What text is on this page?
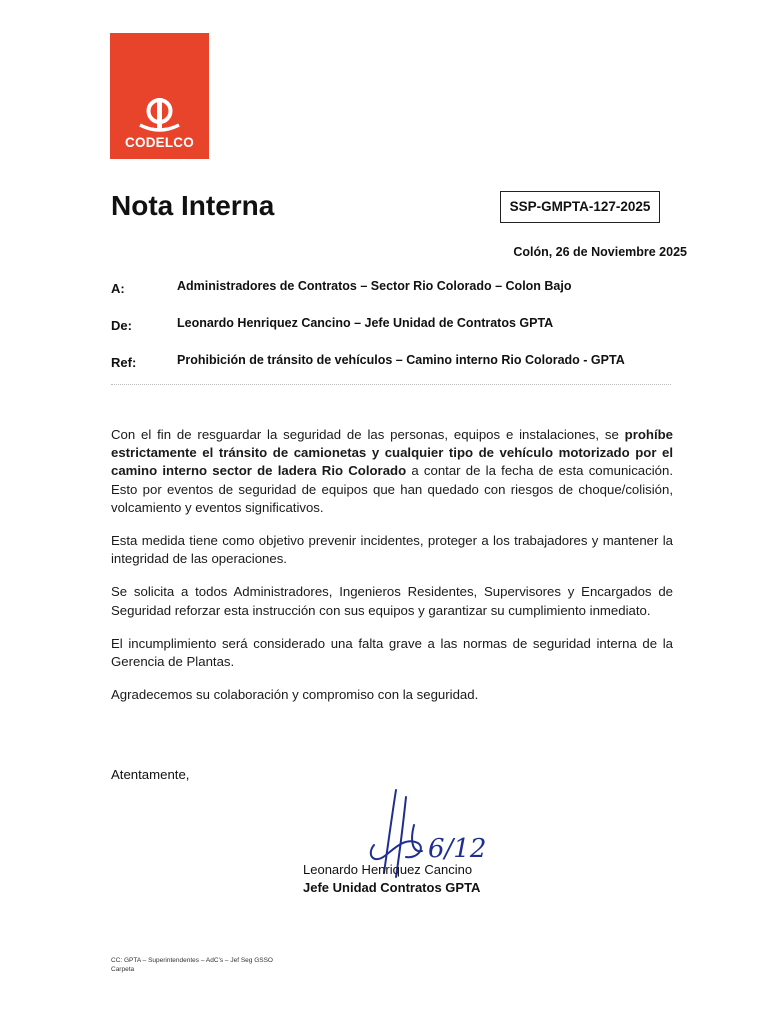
CODELCO
Nota Interna	SSP-GMPTA-127-2025
Colón, 26 de Noviembre 2025
A:	Administradores de Contratos – Sector Rio Colorado – Colon Bajo
De:	Leonardo Henriquez Cancino – Jefe Unidad de Contratos GPTA
Ref:	Prohibición de tránsito de vehículos – Camino interno Rio Colorado - GPTA

Con el fin de resguardar la seguridad de las personas, equipos e instalaciones, se prohíbe estrictamente el tránsito de camionetas y cualquier tipo de vehículo motorizado por el camino interno sector de ladera Rio Colorado a contar de la fecha de esta comunicación. Esto por eventos de seguridad de equipos que han quedado con riesgos de choque/colisión, volcamiento y eventos significativos.

Esta medida tiene como objetivo prevenir incidentes, proteger a los trabajadores y mantener la integridad de las operaciones.

Se solicita a todos Administradores, Ingenieros Residentes, Supervisores y Encargados de Seguridad reforzar esta instrucción con sus equipos y garantizar su cumplimiento inmediato.

El incumplimiento será considerado una falta grave a las normas de seguridad interna de la Gerencia de Plantas.

Agradecemos su colaboración y compromiso con la seguridad.

Atentamente,
6/12
Leonardo Henriquez Cancino
Jefe Unidad Contratos GPTA
CC: GPTA – Superintendentes – AdC’s – Jef Seg GSSO
Carpeta
